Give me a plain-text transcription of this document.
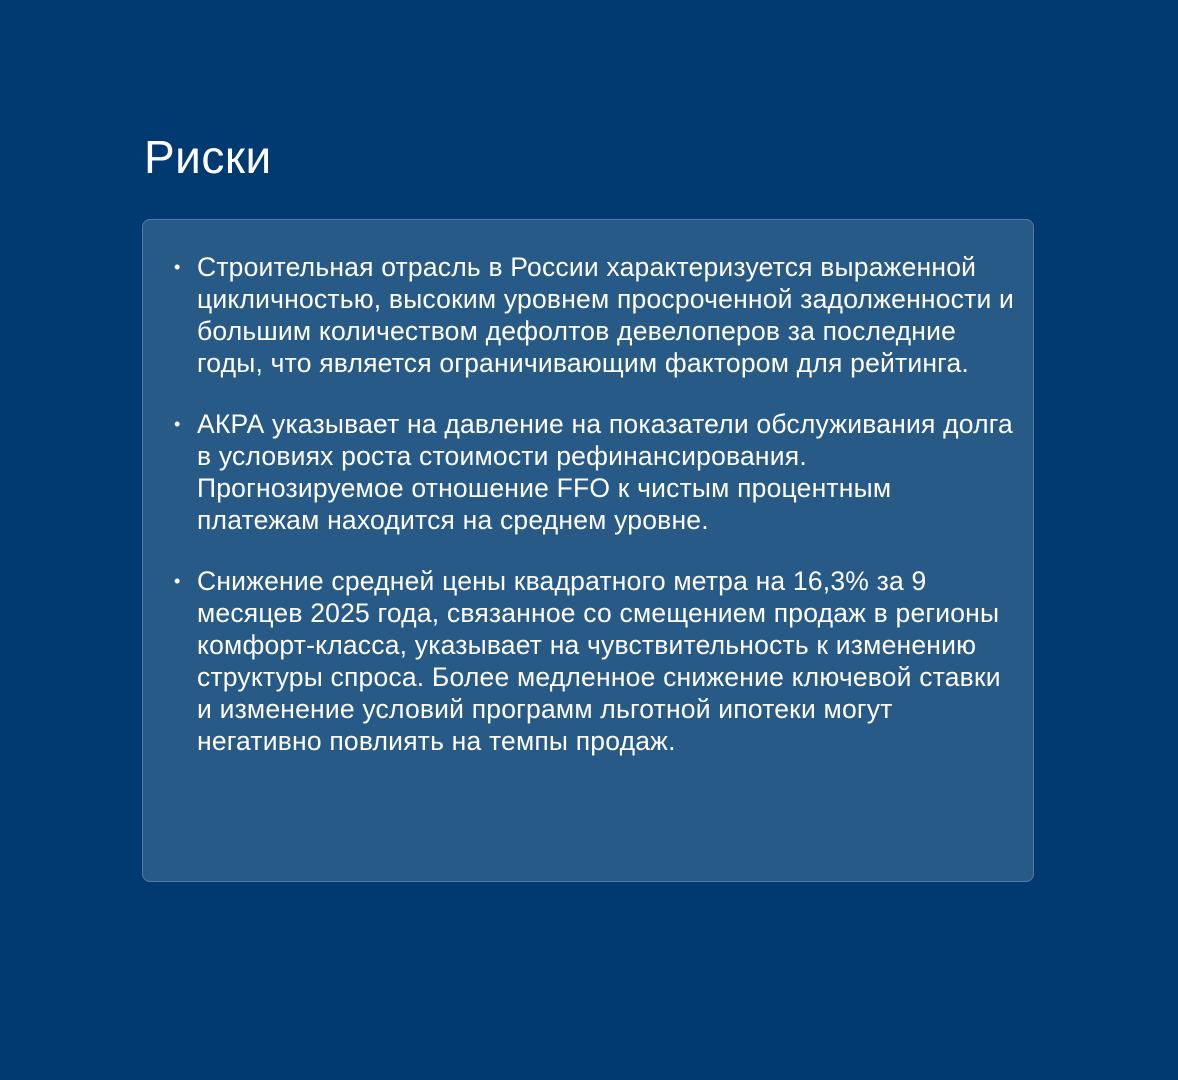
Риски
• Строительная отрасль в России характеризуется выраженной цикличностью, высоким уровнем просроченной задолженности и большим количеством дефолтов девелоперов за последние годы, что является ограничивающим фактором для рейтинга.
• АКРА указывает на давление на показатели обслуживания долга в условиях роста стоимости рефинансирования. Прогнозируемое отношение FFO к чистым процентным платежам находится на среднем уровне.
• Снижение средней цены квадратного метра на 16,3% за 9 месяцев 2025 года, связанное со смещением продаж в регионы комфорт-класса, указывает на чувствительность к изменению структуры спроса. Более медленное снижение ключевой ставки и изменение условий программ льготной ипотеки могут негативно повлиять на темпы продаж.
